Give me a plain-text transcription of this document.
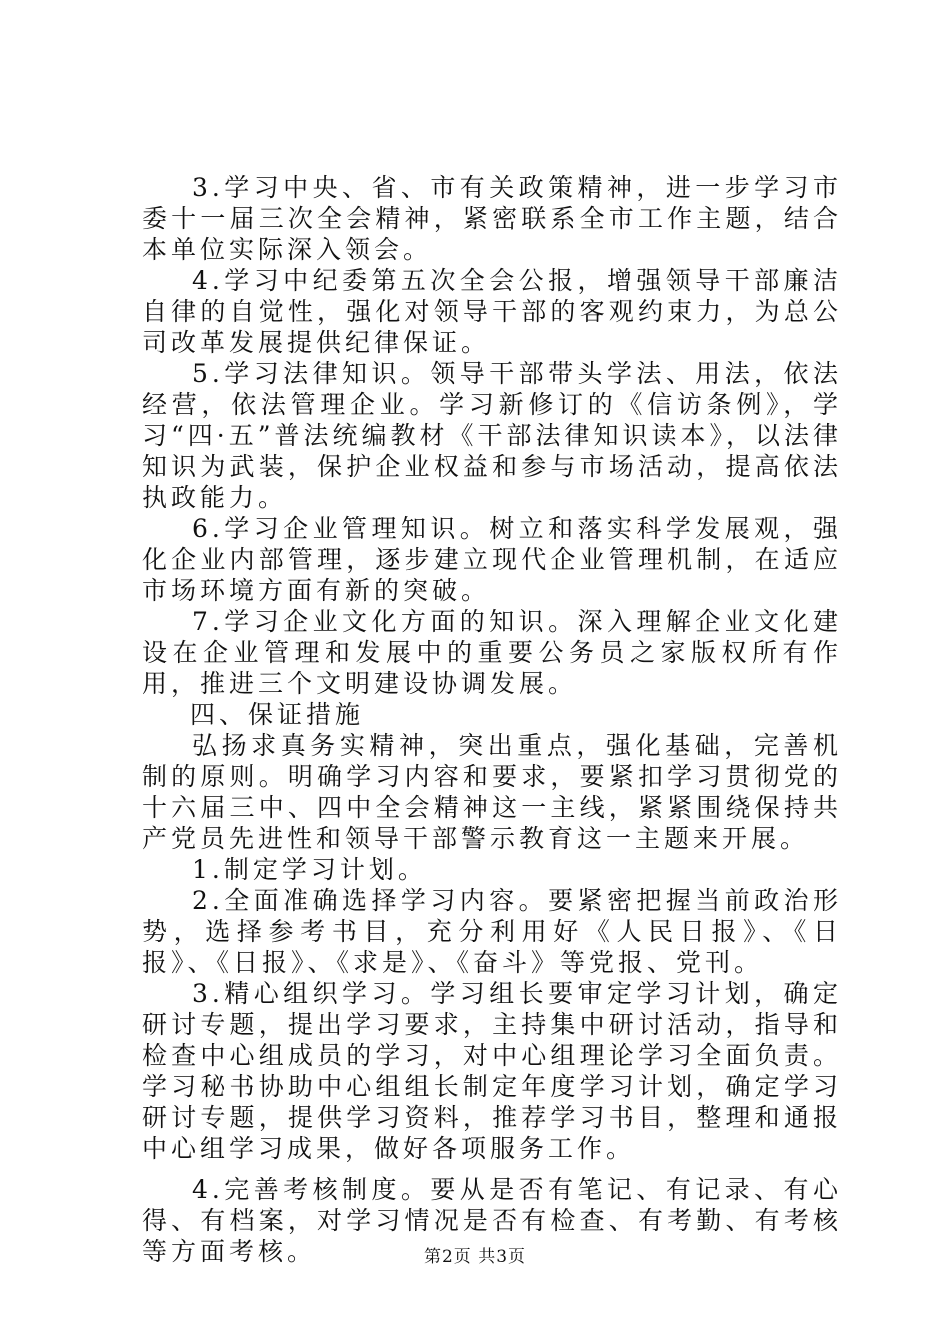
3.学习中央、省、市有关政策精神，进一步学习市委十一届三次全会精神，紧密联系全市工作主题，结合本单位实际深入领会。

4.学习中纪委第五次全会公报，增强领导干部廉洁自律的自觉性，强化对领导干部的客观约束力，为总公司改革发展提供纪律保证。

5.学习法律知识。领导干部带头学法、用法，依法经营，依法管理企业。学习新修订的《信访条例》，学习“四·五”普法统编教材《干部法律知识读本》，以法律知识为武装，保护企业权益和参与市场活动，提高依法执政能力。

6.学习企业管理知识。树立和落实科学发展观，强化企业内部管理，逐步建立现代企业管理机制，在适应市场环境方面有新的突破。

7.学习企业文化方面的知识。深入理解企业文化建设在企业管理和发展中的重要公务员之家版权所有作用，推进三个文明建设协调发展。

四、保证措施

弘扬求真务实精神，突出重点，强化基础，完善机制的原则。明确学习内容和要求，要紧扣学习贯彻党的十六届三中、四中全会精神这一主线，紧紧围绕保持共产党员先进性和领导干部警示教育这一主题来开展。

1.制定学习计划。

2.全面准确选择学习内容。要紧密把握当前政治形势，选择参考书目，充分利用好《人民日报》、《日报》、《日报》、《求是》、《奋斗》等党报、党刊。

3.精心组织学习。学习组长要审定学习计划，确定研讨专题，提出学习要求，主持集中研讨活动，指导和检查中心组成员的学习，对中心组理论学习全面负责。学习秘书协助中心组组长制定年度学习计划，确定学习研讨专题，提供学习资料，推荐学习书目，整理和通报中心组学习成果，做好各项服务工作。

4.完善考核制度。要从是否有笔记、有记录、有心得、有档案，对学习情况是否有检查、有考勤、有考核等方面考核。	第2页 共3页
